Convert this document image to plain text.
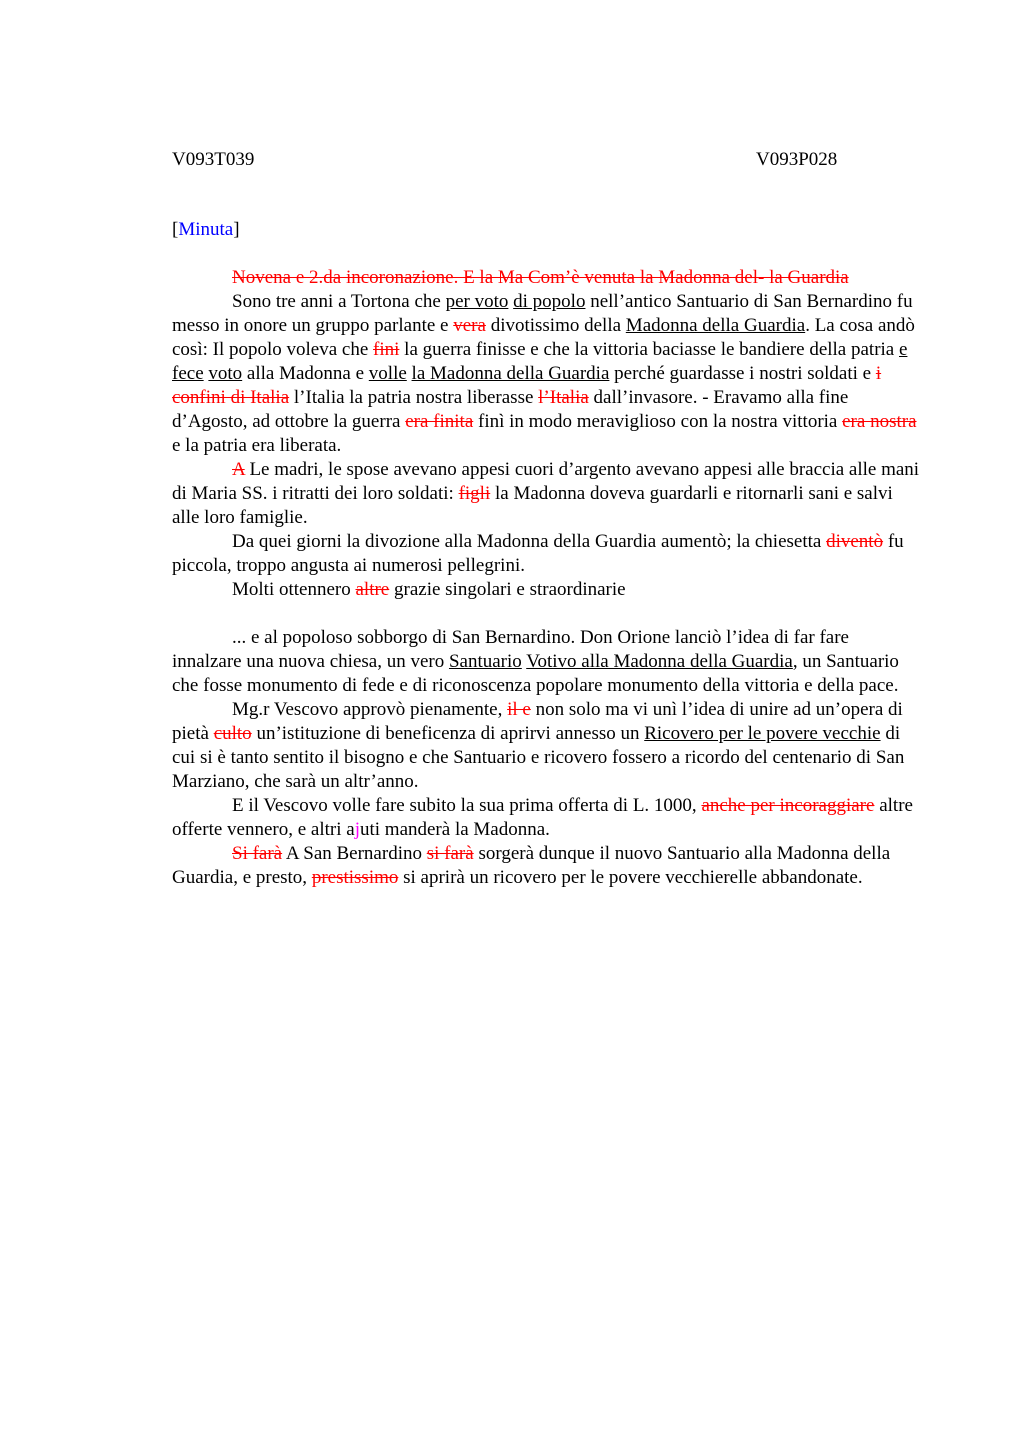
V093T039	V093P028
[Minuta]

Novena e 2.da incoronazione. E la Ma Com’è venuta la Madonna del- la Guardia

Sono tre anni a Tortona che per voto di popolo nell’antico Santuario di San Bernardino fu messo in onore un gruppo parlante e vera divotissimo della Madonna della Guardia. La cosa andò così: Il popolo voleva che fini la guerra finisse e che la vittoria baciasse le bandiere della patria e fece voto alla Madonna e volle la Madonna della Guardia perché guardasse i nostri soldati e i confini di Italia l’Italia la patria nostra liberasse l’Italia dall’invasore. - Eravamo alla fine d’Agosto, ad ottobre la guerra era finita finì in modo meraviglioso con la nostra vittoria era nostra e la patria era liberata.

A Le madri, le spose avevano appesi cuori d’argento avevano appesi alle braccia alle mani di Maria SS. i ritratti dei loro soldati: figli la Madonna doveva guardarli e ritornarli sani e salvi alle loro famiglie.

Da quei giorni la divozione alla Madonna della Guardia aumentò; la chiesetta diventò fu piccola, troppo angusta ai numerosi pellegrini.

Molti ottennero altre grazie singolari e straordinarie

... e al popoloso sobborgo di San Bernardino. Don Orione lanciò l’idea di far fare innalzare una nuova chiesa, un vero Santuario Votivo alla Madonna della Guardia, un Santuario che fosse monumento di fede e di riconoscenza popolare monumento della vittoria e della pace.

Mg.r Vescovo approvò pienamente, il e non solo ma vi unì l’idea di unire ad un’opera di pietà culto un’istituzione di beneficenza di aprirvi annesso un Ricovero per le povere vecchie di cui si è tanto sentito il bisogno e che Santuario e ricovero fossero a ricordo del centenario di San Marziano, che sarà un altr’anno.

E il Vescovo volle fare subito la sua prima offerta di L. 1000, anche per incoraggiare altre offerte vennero, e altri ajuti manderà la Madonna.

Si farà A San Bernardino si farà sorgerà dunque il nuovo Santuario alla Madonna della Guardia, e presto, prestissimo si aprirà un ricovero per le povere vecchierelle abbandonate.
